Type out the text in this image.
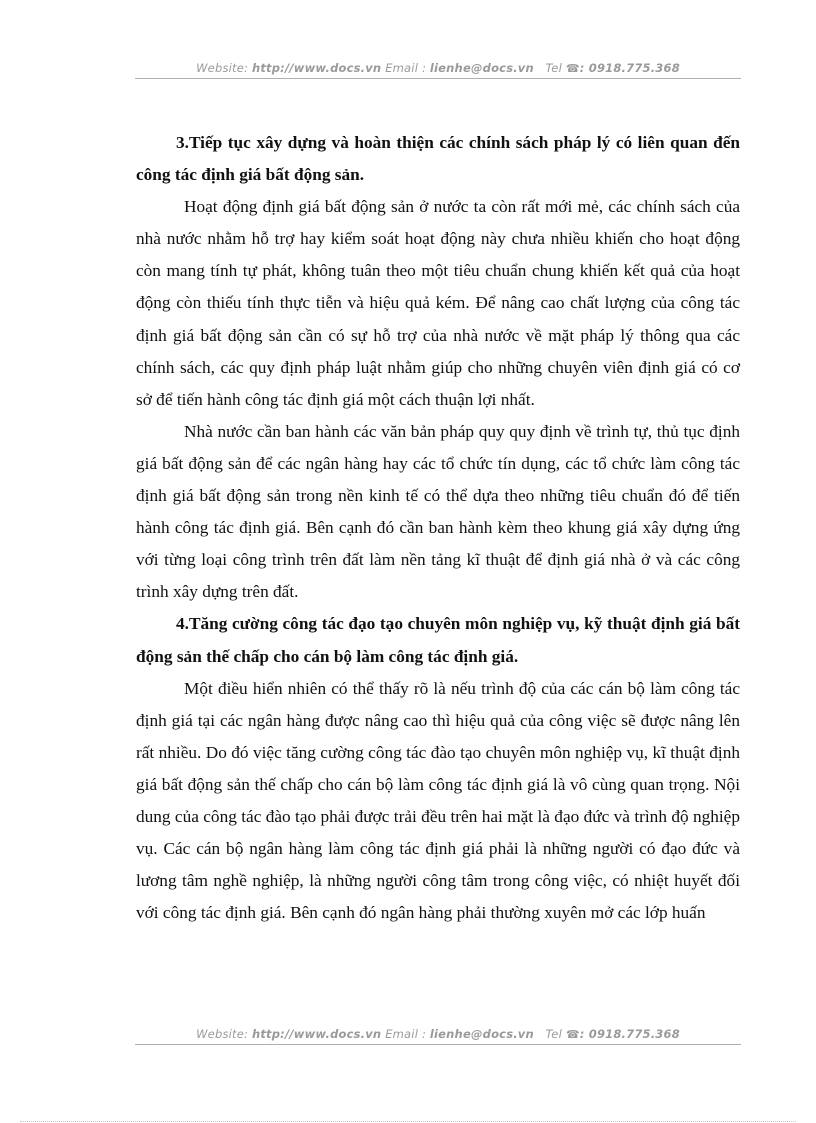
Website: http://www.docs.vn Email : lienhe@docs.vn Tel ☎: 0918.775.368

3.Tiếp tục xây dựng và hoàn thiện các chính sách pháp lý có liên quan đến công tác định giá bất động sản.

Hoạt động định giá bất động sản ở nước ta còn rất mới mẻ, các chính sách của nhà nước nhằm hỗ trợ hay kiểm soát hoạt động này chưa nhiều khiến cho hoạt động còn mang tính tự phát, không tuân theo một tiêu chuẩn chung khiến kết quả của hoạt động còn thiếu tính thực tiễn và hiệu quả kém. Để nâng cao chất lượng của công tác định giá bất động sản cần có sự hỗ trợ của nhà nước về mặt pháp lý thông qua các chính sách, các quy định pháp luật nhằm giúp cho những chuyên viên định giá có cơ sở để tiến hành công tác định giá một cách thuận lợi nhất.

Nhà nước cần ban hành các văn bản pháp quy quy định về trình tự, thủ tục định giá bất động sản để các ngân hàng hay các tổ chức tín dụng, các tổ chức làm công tác định giá bất động sản trong nền kinh tế có thể dựa theo những tiêu chuẩn đó để tiến hành công tác định giá. Bên cạnh đó cần ban hành kèm theo khung giá xây dựng ứng với từng loại công trình trên đất làm nền tảng kĩ thuật để định giá nhà ở và các công trình xây dựng trên đất.

4.Tăng cường công tác đạo tạo chuyên môn nghiệp vụ, kỹ thuật định giá bất động sản thế chấp cho cán bộ làm công tác định giá.

Một điều hiển nhiên có thể thấy rõ là nếu trình độ của các cán bộ làm công tác định giá tại các ngân hàng được nâng cao thì hiệu quả của công việc sẽ được nâng lên rất nhiều. Do đó việc tăng cường công tác đào tạo chuyên môn nghiệp vụ, kĩ thuật định giá bất động sản thế chấp cho cán bộ làm công tác định giá là vô cùng quan trọng. Nội dung của công tác đào tạo phải được trải đều trên hai mặt là đạo đức và trình độ nghiệp vụ. Các cán bộ ngân hàng làm công tác định giá phải là những người có đạo đức và lương tâm nghề nghiệp, là những người công tâm trong công việc, có nhiệt huyết đối với công tác định giá. Bên cạnh đó ngân hàng phải thường xuyên mở các lớp huấn

Website: http://www.docs.vn Email : lienhe@docs.vn Tel ☎: 0918.775.368
